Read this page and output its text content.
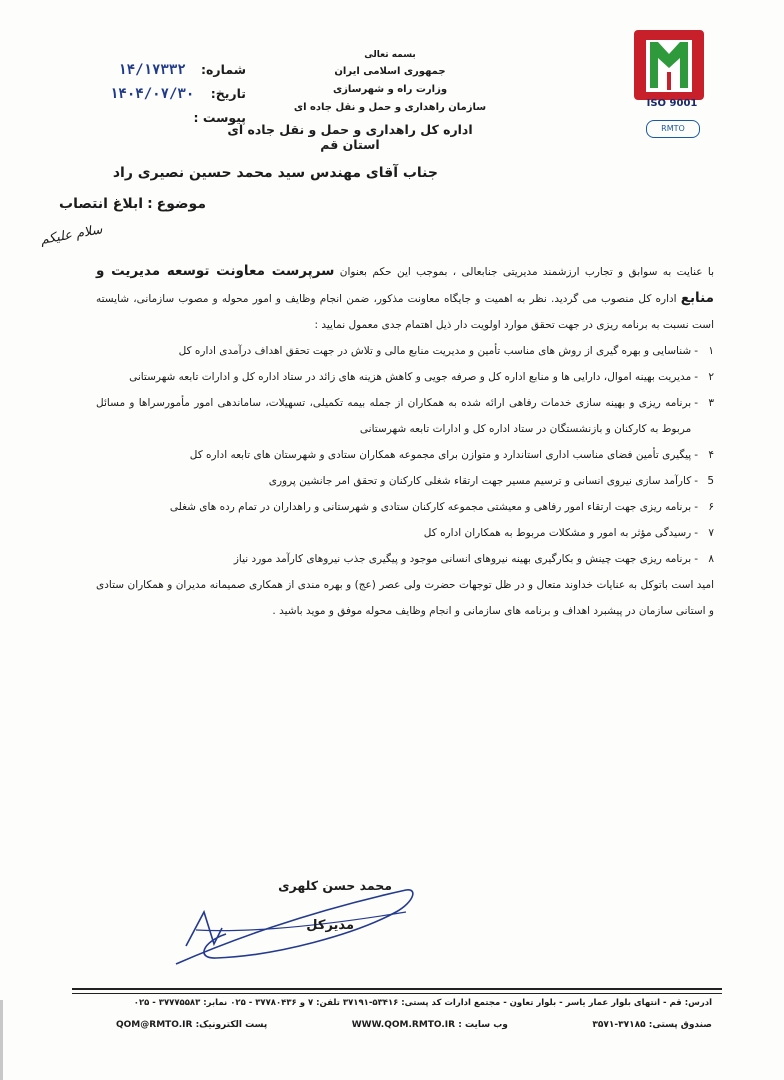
ISO 9001
RMTO
بسمه تعالی
جمهوری اسلامی ایران
وزارت راه و شهرسازی
سازمان راهداری و حمل و نقل جاده ای
اداره کل راهداری و حمل و نقل جاده ای استان قم
شماره:
۱۴/۱۷۳۳۲
تاریخ:
۱۴۰۴/۰۷/۳۰
پیوست :
جناب آقای مهندس سید محمد حسین نصیری راد
موضوع:ابلاغ انتصاب
سلام علیکم

با عنایت به سوابق و تجارب ارزشمند مدیریتی جنابعالی ، بموجب این حکم بعنوان سرپرست معاونت توسعه مدیریت و منابع اداره کل منصوب می گردید. نظر به اهمیت و جایگاه معاونت مذکور، ضمن انجام وظایف و امور محوله و مصوب سازمانی، شایسته است نسبت به برنامه ریزی در جهت تحقق موارد اولویت دار ذیل اهتمام جدی معمول نمایید :

۱
-
شناسایی و بهره گیری از روش های مناسب تأمین و مدیریت منابع مالی و تلاش در جهت تحقق اهداف درآمدی اداره کل
۲
-
مدیریت بهینه اموال، دارایی ها و منابع اداره کل و صرفه جویی و کاهش هزینه های زائد در ستاد اداره کل و ادارات تابعه شهرستانی
۳
-
برنامه ریزی و بهینه سازی خدمات رفاهی ارائه شده به همکاران از جمله بیمه تکمیلی، تسهیلات، ساماندهی امور مأمورسراها و مسائل مربوط به کارکنان و بازنشستگان در ستاد اداره کل و ادارات تابعه شهرستانی
۴
-
پیگیری تأمین فضای مناسب اداری استاندارد و متوازن برای مجموعه همکاران ستادی و شهرستان های تابعه اداره کل
5
-
کارآمد سازی نیروی انسانی و ترسیم مسیر جهت ارتقاء شغلی کارکنان و تحقق امر جانشین پروری
۶
-
برنامه ریزی جهت ارتقاء امور رفاهی و معیشتی مجموعه کارکنان ستادی و شهرستانی و راهداران در تمام رده های شغلی
۷
-
رسیدگی مؤثر به امور و مشکلات مربوط به همکاران اداره کل
۸
-
برنامه ریزی جهت چینش و بکارگیری بهینه نیروهای انسانی موجود و پیگیری جذب نیروهای کارآمد مورد نیاز

امید است باتوکل به عنایات خداوند متعال و در ظل توجهات حضرت ولی عصر (عج) و بهره مندی از همکاری صمیمانه مدیران و همکاران ستادی و استانی سازمان در پیشبرد اهداف و برنامه های سازمانی و انجام وظایف محوله موفق و موید باشید .

محمد حسن کلهری
مدیرکل
آدرس: قم - انتهای بلوار عمار یاسر - بلوار تعاون - مجتمع ادارات کد پستی: ۵۳۴۱۶-۳۷۱۹۱ تلفن: ۷ و ۳۷۷۸۰۴۳۶ - ۰۲۵ نمابر: ۳۷۷۷۵۵۸۳ - ۰۲۵
صندوق پستی: ۳۷۱۸۵-۳۵۷۱
وب سایت : WWW.QOM.RMTO.IR
پست الکترونیک: QOM@RMTO.IR
